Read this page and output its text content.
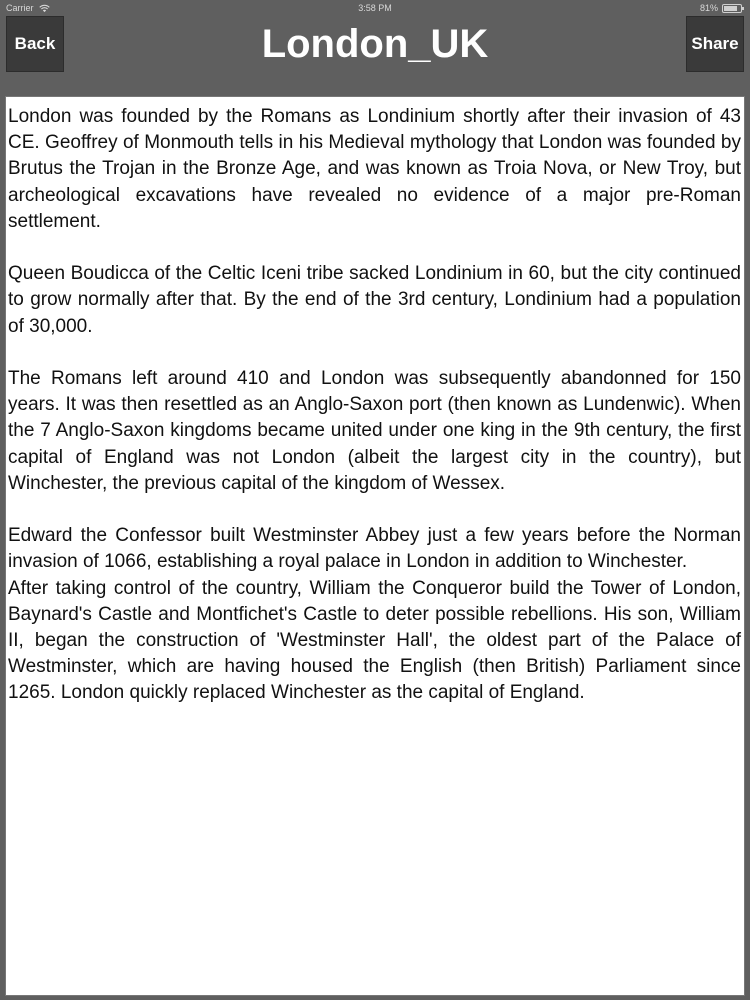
Carrier	3:58 PM	81%
Back	London_UK	Share

London was founded by the Romans as Londinium shortly after their invasion of 43 CE. Geoffrey of Monmouth tells in his Medieval mythology that London was founded by Brutus the Trojan in the Bronze Age, and was known as Troia Nova, or New Troy, but archeological excavations have revealed no evidence of a major pre-Roman settlement.

Queen Boudicca of the Celtic Iceni tribe sacked Londinium in 60, but the city continued to grow normally after that. By the end of the 3rd century, Londinium had a population of 30,000.

The Romans left around 410 and London was subsequently abandonned for 150 years. It was then resettled as an Anglo-Saxon port (then known as Lundenwic). When the 7 Anglo-Saxon kingdoms became united under one king in the 9th century, the first capital of England was not London (albeit the largest city in the country), but Winchester, the previous capital of the kingdom of Wessex.

Edward the Confessor built Westminster Abbey just a few years before the Norman invasion of 1066, establishing a royal palace in London in addition to Winchester.
After taking control of the country, William the Conqueror build the Tower of London, Baynard's Castle and Montfichet's Castle to deter possible rebellions. His son, William II, began the construction of 'Westminster Hall', the oldest part of the Palace of Westminster, which are having housed the English (then British) Parliament since 1265. London quickly replaced Winchester as the capital of England.
